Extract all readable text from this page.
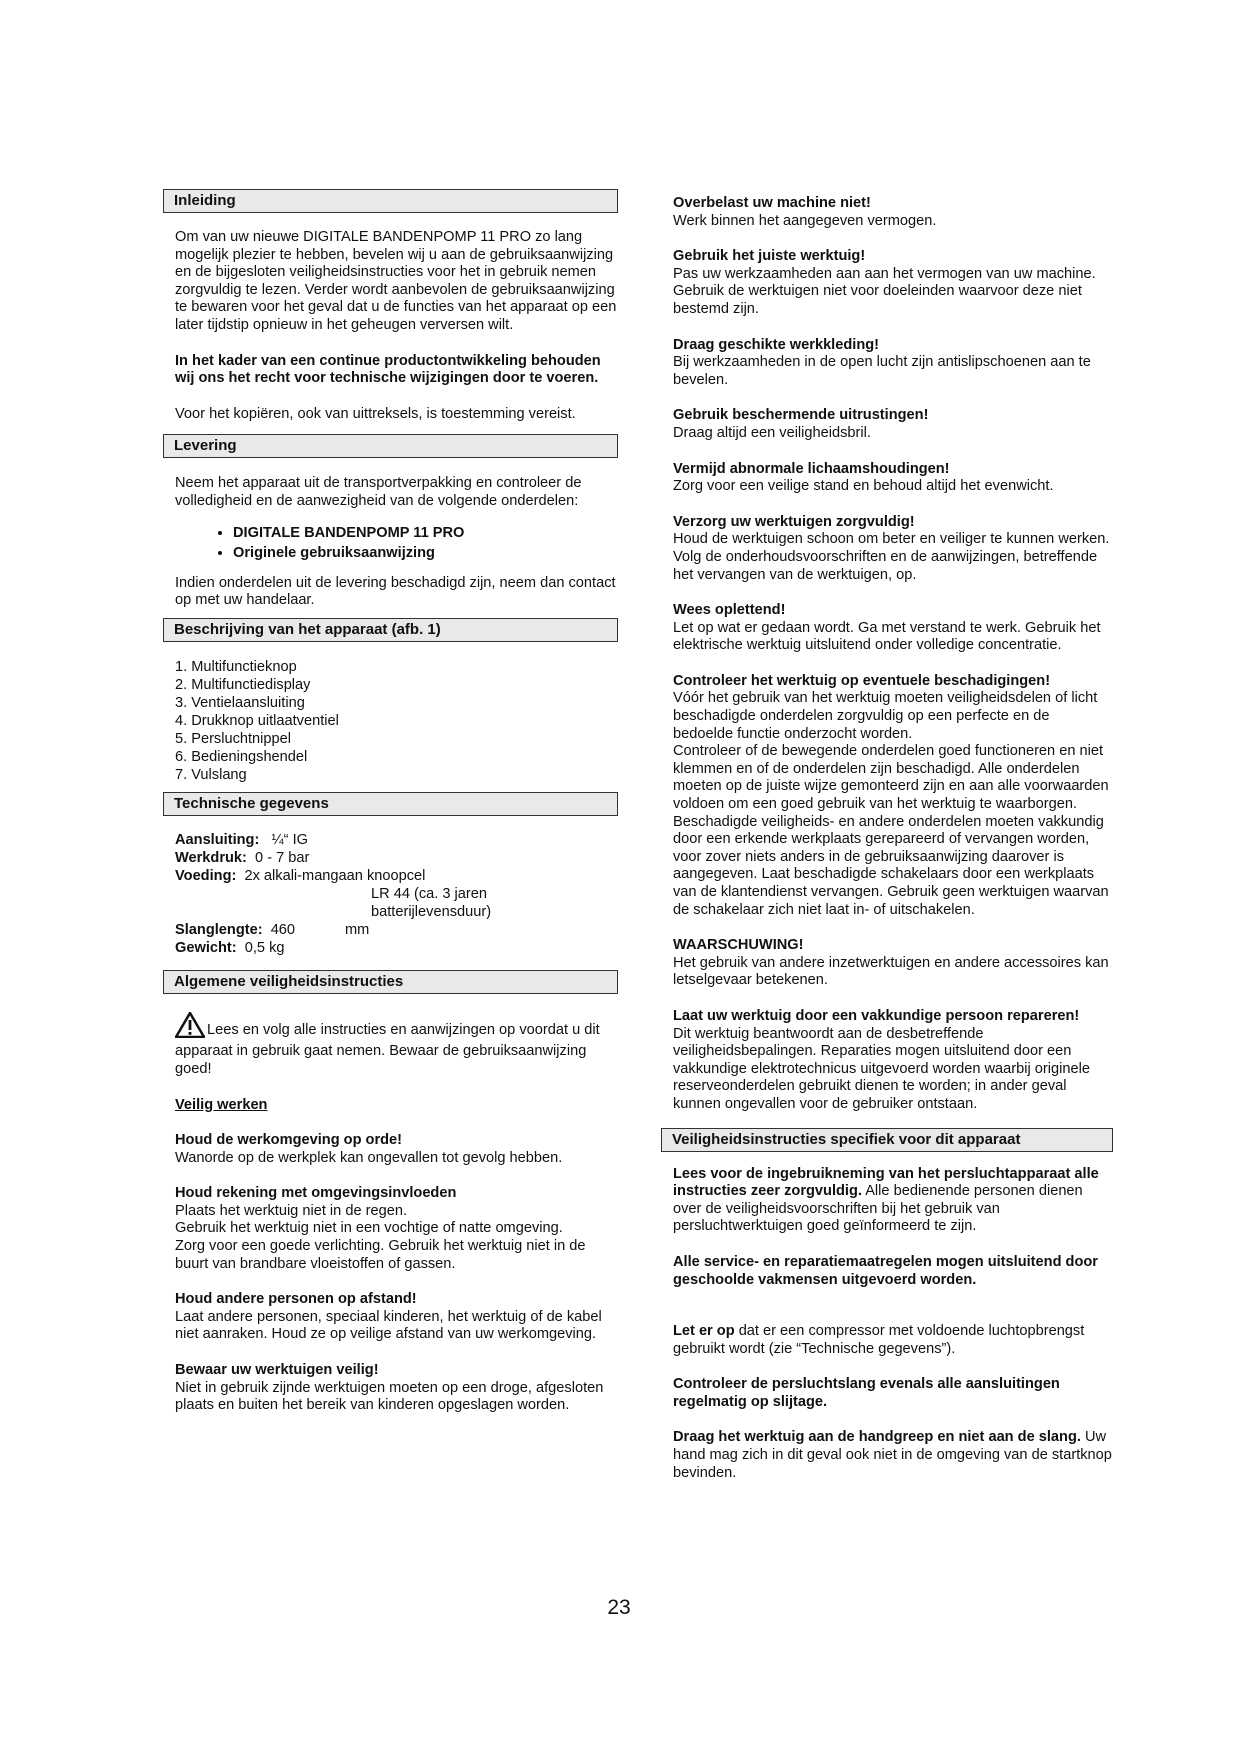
Inleiding

Om van uw nieuwe DIGITALE BANDENPOMP 11 PRO zo lang mogelijk plezier te hebben, bevelen wij u aan de gebruiksaanwijzing en de bijgesloten veiligheidsinstructies voor het in gebruik nemen zorgvuldig te lezen. Verder wordt aanbevolen de gebruiksaanwijzing te bewaren voor het geval dat u de functies van het apparaat op een later tijdstip opnieuw in het geheugen verversen wilt.

In het kader van een continue productontwikkeling behouden wij ons het recht voor technische wijzigingen door te voeren.

Voor het kopiëren, ook van uittreksels, is toestemming vereist.

Levering

Neem het apparaat uit de transportverpakking en controleer de volledigheid en de aanwezigheid van de volgende onderdelen:

• DIGITALE BANDENPOMP 11 PRO
• Originele gebruiksaanwijzing

Indien onderdelen uit de levering beschadigd zijn, neem dan contact op met uw handelaar.

Beschrijving van het apparaat (afb. 1)
1. Multifunctieknop
2. Multifunctiedisplay
3. Ventielaansluiting
4. Drukknop uitlaatventiel
5. Persluchtnippel
6. Bedieningshendel
7. Vulslang
Technische gegevens
Aansluiting: ¼“ IG
Werkdruk: 0 - 7 bar
Voeding: 2x alkali-mangaan knoopcel
LR 44 (ca. 3 jaren
batterijlevensduur)
Slanglengte: 460	mm
Gewicht: 0,5 kg
Algemene veiligheidsinstructies

Lees en volg alle instructies en aanwijzingen op voordat u dit apparaat in gebruik gaat nemen. Bewaar de gebruiksaanwijzing goed!

Veilig werken

Houd de werkomgeving op orde!

Wanorde op de werkplek kan ongevallen tot gevolg hebben.

Houd rekening met omgevingsinvloeden

Plaats het werktuig niet in de regen.

Gebruik het werktuig niet in een vochtige of natte omgeving.

Zorg voor een goede verlichting. Gebruik het werktuig niet in de buurt van brandbare vloeistoffen of gassen.

Houd andere personen op afstand!

Laat andere personen, speciaal kinderen, het werktuig of de kabel niet aanraken. Houd ze op veilige afstand van uw werkomgeving.

Bewaar uw werktuigen veilig!

Niet in gebruik zijnde werktuigen moeten op een droge, afgesloten plaats en buiten het bereik van kinderen opgeslagen worden.

Overbelast uw machine niet!

Werk binnen het aangegeven vermogen.

Gebruik het juiste werktuig!

Pas uw werkzaamheden aan aan het vermogen van uw machine. Gebruik de werktuigen niet voor doeleinden waarvoor deze niet bestemd zijn.

Draag geschikte werkkleding!

Bij werkzaamheden in de open lucht zijn antislipschoenen aan te bevelen.

Gebruik beschermende uitrustingen!

Draag altijd een veiligheidsbril.

Vermijd abnormale lichaamshoudingen!

Zorg voor een veilige stand en behoud altijd het evenwicht.

Verzorg uw werktuigen zorgvuldig!

Houd de werktuigen schoon om beter en veiliger te kunnen werken.

Volg de onderhoudsvoorschriften en de aanwijzingen, betreffende het vervangen van de werktuigen, op.

Wees oplettend!

Let op wat er gedaan wordt. Ga met verstand te werk. Gebruik het elektrische werktuig uitsluitend onder volledige concentratie.

Controleer het werktuig op eventuele beschadigingen!

Vóór het gebruik van het werktuig moeten veiligheidsdelen of licht beschadigde onderdelen zorgvuldig op een perfecte en de bedoelde functie onderzocht worden.

Controleer of de bewegende onderdelen goed functioneren en niet klemmen en of de onderdelen zijn beschadigd. Alle onderdelen moeten op de juiste wijze gemonteerd zijn en aan alle voorwaarden voldoen om een goed gebruik van het werktuig te waarborgen. Beschadigde veiligheids- en andere onderdelen moeten vakkundig door een erkende werkplaats gerepareerd of vervangen worden, voor zover niets anders in de gebruiksaanwijzing daarover is aangegeven. Laat beschadigde schakelaars door een werkplaats van de klantendienst vervangen. Gebruik geen werktuigen waarvan de schakelaar zich niet laat in- of uitschakelen.

WAARSCHUWING!

Het gebruik van andere inzetwerktuigen en andere accessoires kan letselgevaar betekenen.

Laat uw werktuig door een vakkundige persoon repareren!

Dit werktuig beantwoordt aan de desbetreffende veiligheidsbepalingen. Reparaties mogen uitsluitend door een vakkundige elektrotechnicus uitgevoerd worden waarbij originele reserveonderdelen gebruikt dienen te worden; in ander geval kunnen ongevallen voor de gebruiker ontstaan.

Veiligheidsinstructies specifiek voor dit apparaat

Lees voor de ingebruikneming van het persluchtapparaat alle instructies zeer zorgvuldig. Alle bedienende personen dienen over de veiligheidsvoorschriften bij het gebruik van persluchtwerktuigen goed geïnformeerd te zijn.

Alle service- en reparatiemaatregelen mogen uitsluitend door geschoolde vakmensen uitgevoerd worden.

Let er op dat er een compressor met voldoende luchtopbrengst gebruikt wordt (zie “Technische gegevens”).

Controleer de persluchtslang evenals alle aansluitingen regelmatig op slijtage.

Draag het werktuig aan de handgreep en niet aan de slang. Uw hand mag zich in dit geval ook niet in de omgeving van de startknop bevinden.

23
